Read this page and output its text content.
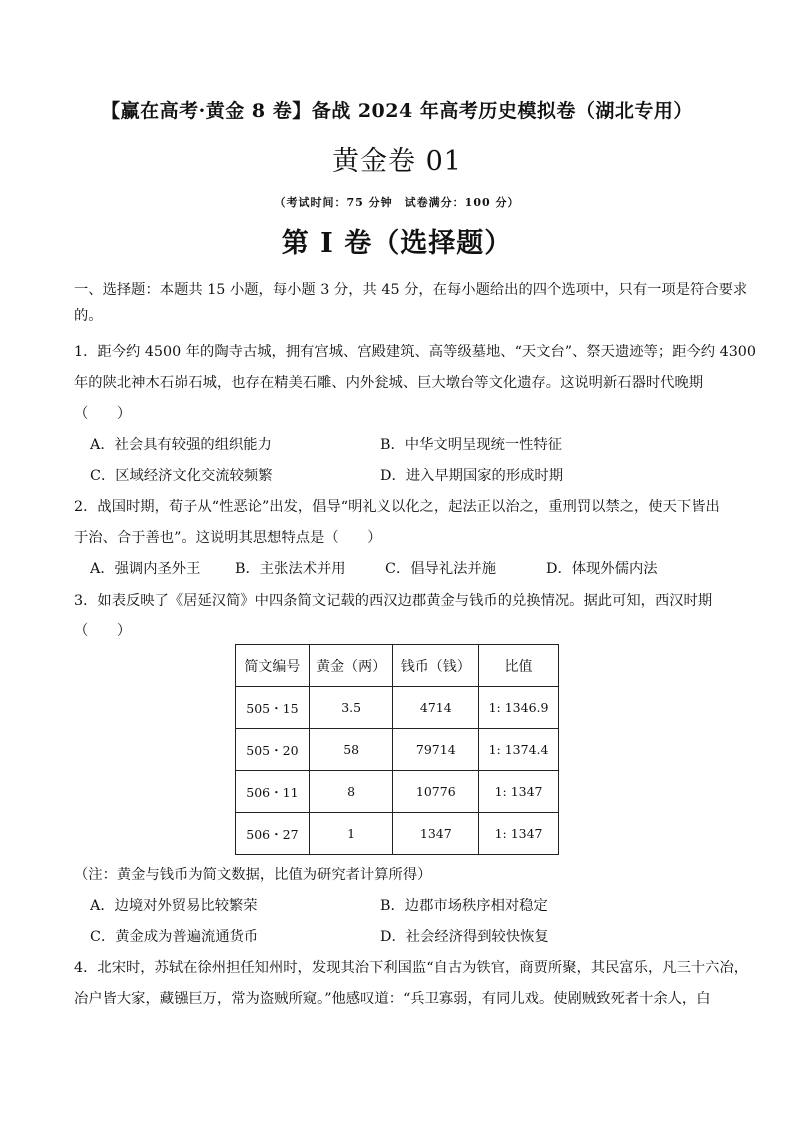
【赢在高考·黄金 8 卷】备战 2024 年高考历史模拟卷（湖北专用）
黄金卷 01
（考试时间：75 分钟　试卷满分：100 分）
第 I 卷（选择题）
一、选择题：本题共 15 小题，每小题 3 分，共 45 分，在每小题给出的四个选项中，只有一项是符合要求
的。
1．距今约 4500 年的陶寺古城，拥有宫城、宫殿建筑、高等级墓地、“天文台”、祭天遗迹等；距今约 4300
年的陕北神木石峁石城，也存在精美石雕、内外瓮城、巨大墩台等文化遗存。这说明新石器时代晚期
（　　）
A．社会具有较强的组织能力	B．中华文明呈现统一性特征
C．区域经济文化交流较频繁	D．进入早期国家的形成时期
2．战国时期，荀子从“性恶论”出发，倡导“明礼义以化之，起法正以治之，重刑罚以禁之，使天下皆出
于治、合于善也”。这说明其思想特点是（　　）
A．强调内圣外王 B．主张法术并用	C．倡导礼法并施	D．体现外儒内法
3．如表反映了《居延汉简》中四条简文记载的西汉边郡黄金与钱币的兑换情况。据此可知，西汉时期
（　　）
简文编号	黄金（两）	钱币（钱）	比值
505・15	3.5	4714	1: 1346.9
505・20	58	79714	1: 1374.4
506・11	8	10776	1: 1347
506・27	1	1347	1: 1347
（注：黄金与钱币为简文数据，比值为研究者计算所得）
A．边境对外贸易比较繁荣	B．边郡市场秩序相对稳定
C．黄金成为普遍流通货币	D．社会经济得到较快恢复
4．北宋时，苏轼在徐州担任知州时，发现其治下利国监“自古为铁官，商贾所聚，其民富乐，凡三十六冶，
冶户皆大家，藏镪巨万，常为盗贼所窥。”他感叹道：“兵卫寡弱，有同儿戏。使剧贼致死者十余人，白
